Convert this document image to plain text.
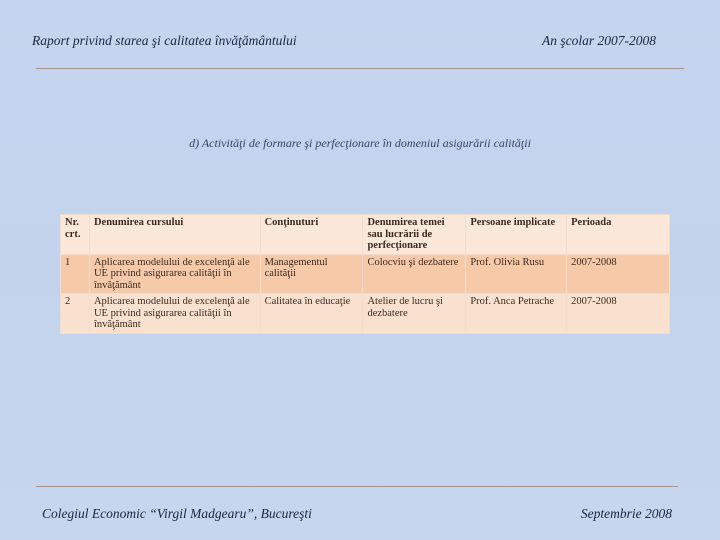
Raport privind starea şi calitatea învăţământului	An şcolar 2007-2008
d) Activităţi de formare şi perfecţionare în domeniul asigurării calităţii
Nr. crt.	Denumirea cursului	Conţinuturi	Denumirea temei sau lucrării de perfecţionare	Persoane implicate	Perioada
1	Aplicarea modelului de excelenţă ale UE privind asigurarea calităţii în învăţământ	Managementul calităţii	Colocviu şi dezbatere	Prof. Olivia Rusu	2007-2008
2	Aplicarea modelului de excelenţă ale UE privind asigurarea calităţii în învăţământ	Calitatea în educaţie	Atelier de lucru şi dezbatere	Prof. Anca Petrache	2007-2008
Colegiul Economic “Virgil Madgearu”, Bucureşti	Septembrie 2008
